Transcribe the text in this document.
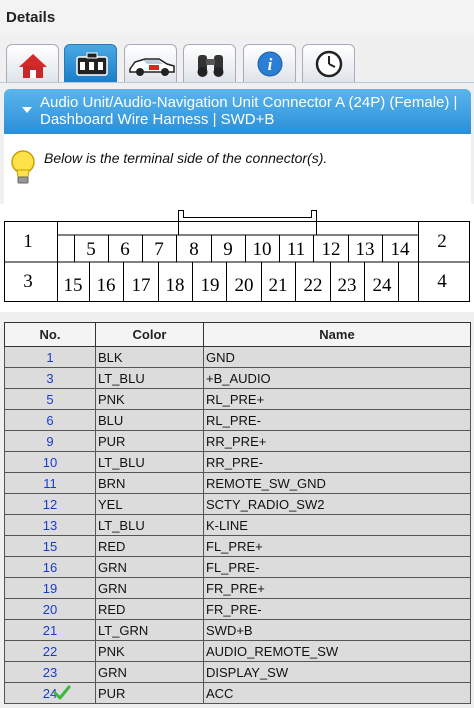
Details
i
Audio Unit/Audio-Navigation Unit Connector A (24P) (Female) | Dashboard Wire Harness | SWD+B
Below is the terminal side of the connector(s).
1	2
3	4
5	6	7	8	9	10 11 12 13 14
15 16 17 18 19 20 21 22 23 24
No.	Color	Name
1	BLK	GND
3	LT_BLU	+B_AUDIO
5	PNK	RL_PRE+
6	BLU	RL_PRE-
9	PUR	RR_PRE+
10	LT_BLU	RR_PRE-
11	BRN	REMOTE_SW_GND
12	YEL	SCTY_RADIO_SW2
13	LT_BLU	K-LINE
15	RED	FL_PRE+
16	GRN	FL_PRE-
19	GRN	FR_PRE+
20	RED	FR_PRE-
21	LT_GRN	SWD+B
22	PNK	AUDIO_REMOTE_SW
23	GRN	DISPLAY_SW
24	PUR	ACC
